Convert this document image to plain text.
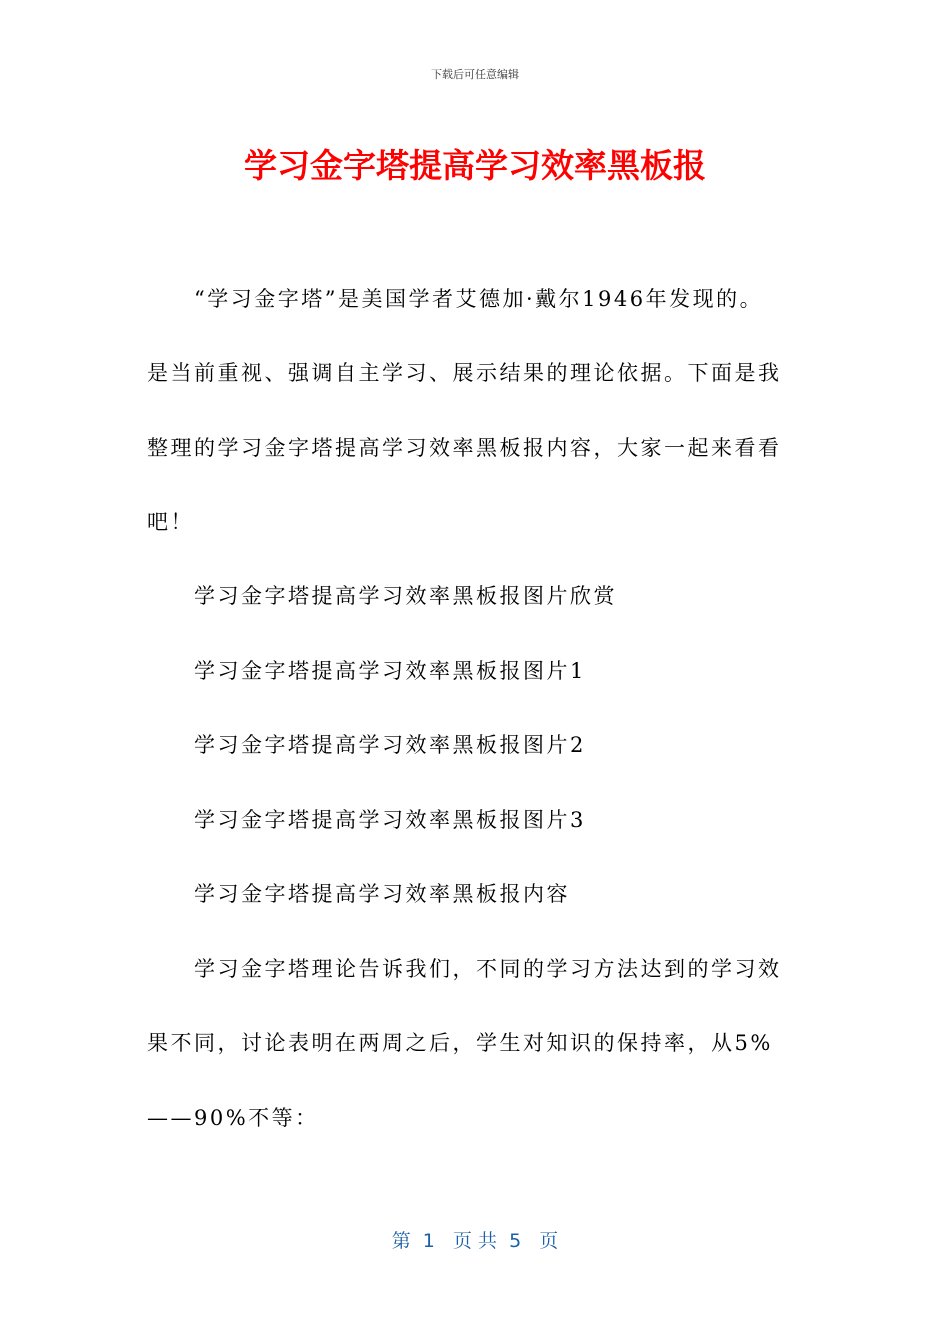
下载后可任意编辑
学习金字塔提高学习效率黑板报
“学习金字塔”是美国学者艾德加·戴尔1946年发现的。
是当前重视、强调自主学习、展示结果的理论依据。下面是我
整理的学习金字塔提高学习效率黑板报内容，大家一起来看看
吧！
学习金字塔提高学习效率黑板报图片欣赏
学习金字塔提高学习效率黑板报图片1
学习金字塔提高学习效率黑板报图片2
学习金字塔提高学习效率黑板报图片3
学习金字塔提高学习效率黑板报内容
学习金字塔理论告诉我们，不同的学习方法达到的学习效
果不同，讨论表明在两周之后，学生对知识的保持率，从5%
——90%不等：
第  1   页 共  5   页
